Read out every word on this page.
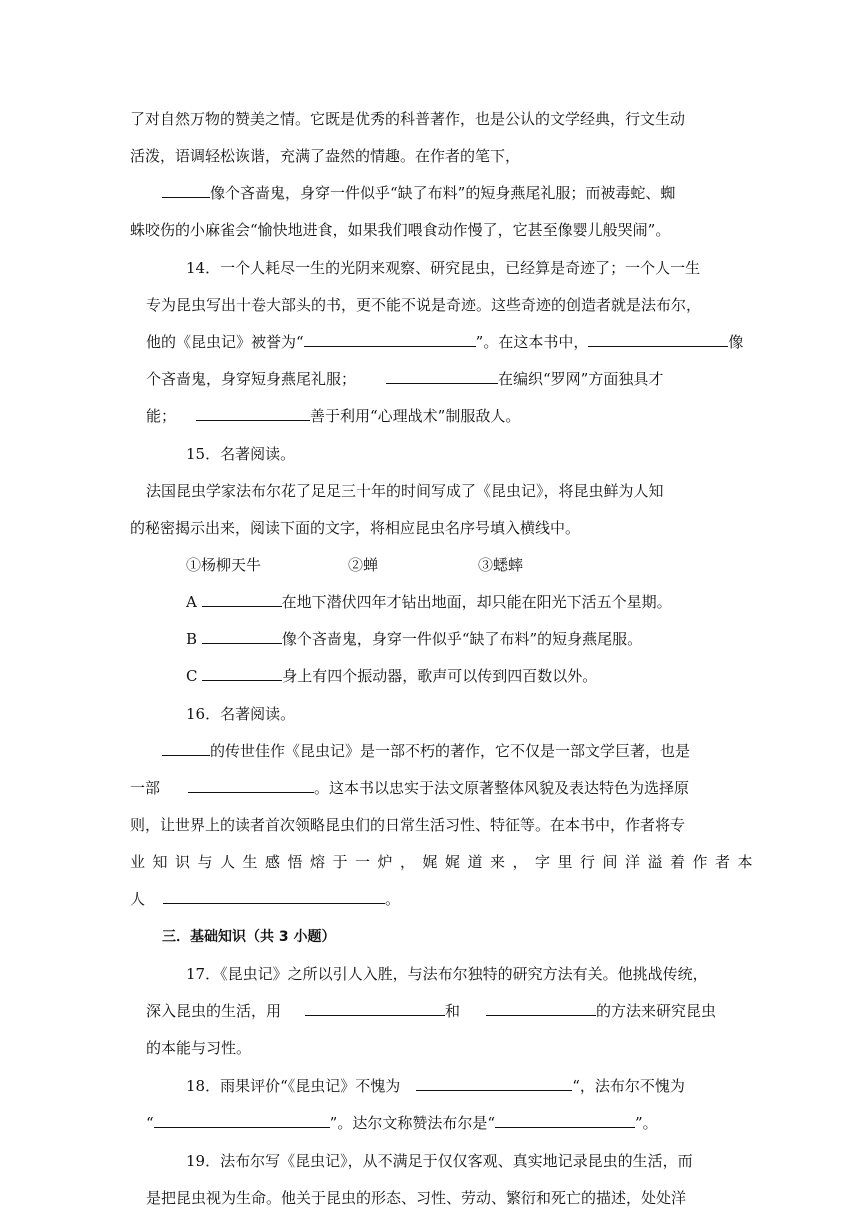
了对自然万物的赞美之情。它既是优秀的科普著作，也是公认的文学经典，行文生动
活泼，语调轻松诙谐，充满了盎然的情趣。在作者的笔下，
像个吝啬鬼，身穿一件似乎“缺了布料”的短身燕尾礼服；而被毒蛇、蜘
蛛咬伤的小麻雀会“愉快地进食，如果我们喂食动作慢了，它甚至像婴儿般哭闹”。
14．一个人耗尽一生的光阴来观察、研究昆虫，已经算是奇迹了；一个人一生
专为昆虫写出十卷大部头的书，更不能不说是奇迹。这些奇迹的创造者就是法布尔，
他的《昆虫记》被誉为“	”。在这本书中，	像
个吝啬鬼，身穿短身燕尾礼服；	在编织“罗网”方面独具才
能；	善于利用“心理战术”制服敌人。
15．名著阅读。
法国昆虫学家法布尔花了足足三十年的时间写成了《昆虫记》，将昆虫鲜为人知
的秘密揭示出来，阅读下面的文字，将相应昆虫名序号填入横线中。
①杨柳天牛	②蝉	③蟋蟀
A	在地下潜伏四年才钻出地面，却只能在阳光下活五个星期。
B	像个吝啬鬼，身穿一件似乎“缺了布料”的短身燕尾服。
C	身上有四个振动器，歌声可以传到四百数以外。
16．名著阅读。
的传世佳作《昆虫记》是一部不朽的著作，它不仅是一部文学巨著，也是
一部	。这本书以忠实于法文原著整体风貌及表达特色为选择原
则，让世界上的读者首次领略昆虫们的日常生活习性、特征等。在本书中，作者将专
业知识与人生感悟熔于一炉，娓娓道来，字里行间洋溢着作者本
人	。
三．基础知识（共 3 小题）
17．《昆虫记》之所以引人入胜，与法布尔独特的研究方法有关。他挑战传统，
深入昆虫的生活，用	和	的方法来研究昆虫
的本能与习性。
18．雨果评价“《昆虫记》不愧为	“，法布尔不愧为
“	”。达尔文称赞法布尔是“	”。
19．法布尔写《昆虫记》，从不满足于仅仅客观、真实地记录昆虫的生活，而
是把昆虫视为生命。他关于昆虫的形态、习性、劳动、繁衍和死亡的描述，处处洋
